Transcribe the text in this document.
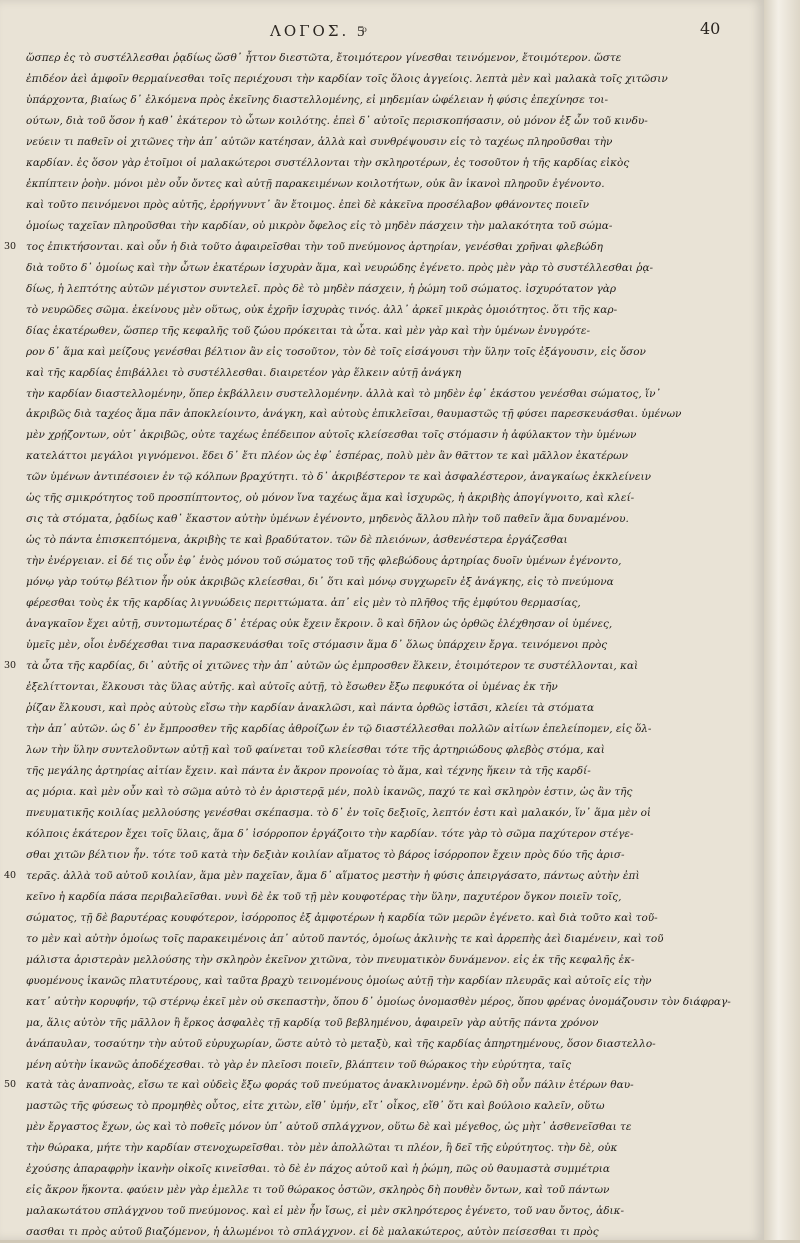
ΛΟΓΟΣ. 5ͦ	40
ὥσπερ ἐς τὸ συστέλλεσθαι ῥᾳδίως ὥσθ᾽ ἧττον διεστῶτα, ἔτοιμότερον γίνεσθαι τεινόμενον, ἔτοιμότερον. ὥστε
ἐπιδέον ἀεὶ ἀμφοῖν θερμαίνεσθαι τοῖς περιέχουσι τὴν καρδίαν τοῖς ὅλοις ἀγγείοις. λεπτὰ μὲν καὶ μαλακὰ τοῖς χιτῶσιν
ὑπάρχοντα, βιαίως δ᾽ ἐλκόμενα πρὸς ἐκεῖνης διαστελλομένης, εἰ μηδεμίαν ὠφέλειαν ἡ φύσις ἐπεχίνησε τοι-
ούτων, διὰ τοῦ ὅσον ἡ καθ᾽ ἑκάτερον τὸ ὧτων κοιλότης. ἐπεὶ δ᾽ αὐτοῖς περισκοπήσασιν, οὐ μόνον ἐξ ὧν τοῦ κινδυ-
νεύειν τι παθεῖν οἱ χιτῶνες τὴν ἀπ᾽ αὐτῶν κατέησαν, ἀλλὰ καὶ συνθρέψουσιν εἰς τὸ ταχέως πληροῦσθαι τὴν
καρδίαν. ἐς ὅσον γὰρ ἑτοῖμοι οἱ μαλακώτεροι συστέλλονται τὴν σκληροτέρων, ἐς τοσοῦτον ἡ τῆς καρδίας εἰκὸς
ἐκπίπτειν ῥοὴν. μόνοι μὲν οὖν ὄντες καὶ αὐτῇ παρακειμένων κοιλοτήτων, οὐκ ἂν ἱκανοὶ πληροῦν ἐγένοντο.
καὶ τοῦτο πεινόμενοι πρὸς αὐτῆς, ἑρρήγνυντ᾽ ἂν ἔτοιμος. ἐπεὶ δὲ κἀκεῖνα προσέλαβον φθάνοντες ποιεῖν
ὁμοίως ταχεῖαν πληροῦσθαι τὴν καρδίαν, οὐ μικρὸν ὄφελος εἰς τὸ μηδὲν πάσχειν τὴν μαλακότητα τοῦ σώμα-
30 τος ἐπικτήσονται. καὶ οὖν ἡ διὰ τοῦτο ἀφαιρεῖσθαι τὴν τοῦ πνεύμονος ἀρτηρίαν, γενέσθαι χρῆναι φλεβώδη
διὰ τοῦτο δ᾽ ὁμοίως καὶ τὴν ὧτων ἑκατέρων ἰσχυρὰν ἅμα, καὶ νευρώδης ἐγένετο. πρὸς μὲν γὰρ τὸ συστέλλεσθαι ῥᾳ-
δίως, ἡ λεπτότης αὐτῶν μέγιστον συντελεῖ. πρὸς δὲ τὸ μηδὲν πάσχειν, ἡ ῥώμη τοῦ σώματος. ἰσχυρότατον γὰρ
τὸ νευρῶδες σῶμα. ἐκείνους μὲν οὕτως, οὐκ ἐχρῆν ἰσχυρὰς τινός. ἀλλ᾽ ἀρκεῖ μικρὰς ὁμοιότητος. ὅτι τῆς καρ-
δίας ἑκατέρωθεν, ὥσπερ τῆς κεφαλῆς τοῦ ζώου πρόκειται τὰ ὦτα. καὶ μὲν γὰρ καὶ τὴν ὑμένων ἐνυγρότε-
ρον δ᾽ ἅμα καὶ μείζους γενέσθαι βέλτιον ἂν εἰς τοσοῦτον, τὸν δὲ τοῖς εἰσάγουσι τὴν ὕλην τοῖς ἐξάγουσιν, εἰς ὅσον
καὶ τῆς καρδίας ἐπιβάλλει τὸ συστέλλεσθαι. διαιρετέον γὰρ ἕλκειν αὐτῇ ἀνάγκη
τὴν καρδίαν διαστελλομένην, ὅπερ ἐκβάλλειν συστελλομένην. ἀλλὰ καὶ τὸ μηδὲν ἐφ᾽ ἑκάστου γενέσθαι σώματος, ἵν᾽
ἀκριβῶς διὰ ταχέος ἅμα πᾶν ἀποκλείοιντο, ἀνάγκη, καὶ αὐτοὺς ἐπικλεῖσαι, θαυμαστῶς τῇ φύσει παρεσκευάσθαι. ὑμένων
μὲν χρῄζοντων, οὐτ᾽ ἀκριβῶς, οὐτε ταχέως ἐπέδειπον αὐτοῖς κλείσεσθαι τοῖς στόμασιν ἡ ἀφύλακτον τὴν ὑμένων
κατελάττοι μεγάλοι γιγνόμενοι. ἔδει δ᾽ ἔτι πλέον ὡς ἐφ᾽ ἑσπέρας, πολὺ μὲν ἂν θᾶττον τε καὶ μᾶλλον ἑκατέρων
τῶν ὑμένων ἀντιπέσοιεν ἐν τῷ κόλπων βραχύτητι. τὸ δ᾽ ἀκριβέστερον τε καὶ ἀσφαλέστερον, ἀναγκαίως ἐκκλείνειν
ὡς τῆς σμικρότητος τοῦ προσπίπτοντος, οὐ μόνον ἵνα ταχέως ἅμα καὶ ἰσχυρῶς, ἡ ἀκριβὴς ἀπογίγνοιτο, καὶ κλεί-
σις τὰ στόματα, ῥᾳδίως καθ᾽ ἕκαστον αὐτὴν ὑμένων ἐγένοντο, μηδενὸς ἄλλου πλὴν τοῦ παθεῖν ἅμα δυναμένου.
ὡς τὸ πάντα ἐπισκεπτόμενα, ἀκριβὴς τε καὶ βραδύτατον. τῶν δὲ πλειόνων, ἀσθενέστερα ἐργάζεσθαι
τὴν ἐνέργειαν. εἰ δέ τις οὖν ἐφ᾽ ἑνὸς μόνου τοῦ σώματος τοῦ τῆς φλεβώδους ἀρτηρίας δυοῖν ὑμένων ἐγένοντο,
μόνῳ γὰρ τούτῳ βέλτιον ἦν οὐκ ἀκριβῶς κλείεσθαι, δι᾽ ὅτι καὶ μόνῳ συγχωρεῖν ἐξ ἀνάγκης, εἰς τὸ πνεύμονα
φέρεσθαι τοὺς ἐκ τῆς καρδίας λιγνυώδεις περιττώματα. ἀπ᾽ εἰς μὲν τὸ πλῆθος τῆς ἐμφύτου θερμασίας,
ἀναγκαῖον ἔχει αὐτῇ, συντομωτέρας δ᾽ ἐτέρας οὐκ ἔχειν ἔκροιν. ὃ καὶ δῆλον ὡς ὀρθῶς ἐλέχθησαν οἱ ὑμένες,
ὑμεῖς μὲν, οἷοι ἐνδέχεσθαι τινα παρασκευάσθαι τοῖς στόμασιν ἅμα δ᾽ ὅλως ὑπάρχειν ἔργα. τεινόμενοι πρὸς
30 τὰ ὦτα τῆς καρδίας, δι᾽ αὐτῆς οἱ χιτῶνες τὴν ἀπ᾽ αὐτῶν ὡς ἐμπροσθεν ἕλκειν, ἑτοιμότερον τε συστέλλονται, καὶ
ἐξελίττονται, ἕλκουσι τὰς ὕλας αὐτῆς. καὶ αὐτοῖς αὐτῇ, τὸ ἔσωθεν ἔξω πεφυκότα οἱ ὑμένας ἐκ τῆν
ῥίζαν ἕλκουσι, καὶ πρὸς αὐτοὺς εἴσω τὴν καρδίαν ἀνακλῶσι, καὶ πάντα ὀρθῶς ἱστᾶσι, κλείει τὰ στόματα
τὴν ἀπ᾽ αὐτῶν. ὡς δ᾽ ἐν ἔμπροσθεν τῆς καρδίας ἀθροίζων ἐν τῷ διαστέλλεσθαι πολλῶν αἰτίων ἐπελείπομεν, εἰς ὅλ-
λων τὴν ὕλην συντελοῦντων αὐτῇ καὶ τοῦ φαίνεται τοῦ κλείεσθαι τότε τῆς ἀρτηριώδους φλεβὸς στόμα, καὶ
τῆς μεγάλης ἀρτηρίας αἰτίαν ἔχειν. καὶ πάντα ἐν ἄκρον προνοίας τὸ ἅμα, καὶ τέχνης ἥκειν τὰ τῆς καρδί-
ας μόρια. καὶ μὲν οὖν καὶ τὸ σῶμα αὐτὸ τὸ ἐν ἀριστερᾷ μέν, πολὺ ἱκανῶς, παχύ τε καὶ σκληρὸν ἐστιν, ὡς ἂν τῆς
πνευματικῆς κοιλίας μελλούσης γενέσθαι σκέπασμα. τὸ δ᾽ ἐν τοῖς δεξιοῖς, λεπτόν ἐστι καὶ μαλακόν, ἵν᾽ ἅμα μὲν οἱ
κόλποις ἑκάτερον ἔχει τοῖς ὕλαις, ἅμα δ᾽ ἰσόρροπον ἐργάζοιτο τὴν καρδίαν. τότε γὰρ τὸ σῶμα παχύτερον στέγε-
σθαι χιτῶν βέλτιον ἦν. τότε τοῦ κατὰ τὴν δεξιὰν κοιλίαν αἵματος τὸ βάρος ἰσόρροπον ἔχειν πρὸς δύο τῆς ἀρισ-
40 τερᾶς. ἀλλὰ τοῦ αὐτοῦ κοιλίαν, ἅμα μὲν παχεῖαν, ἅμα δ᾽ αἵματος μεστὴν ἡ φύσις ἀπειργάσατο, πάντως αὐτὴν ἐπὶ
κεῖνο ἡ καρδία πάσα περιβαλεῖσθαι. νυνὶ δὲ ἐκ τοῦ τῇ μὲν κουφοτέρας τὴν ὕλην, παχυτέρον ὄγκον ποιεῖν τοῖς,
σώματος, τῇ δὲ βαρυτέρας κουφότερον, ἰσόρροπος ἐξ ἀμφοτέρων ἡ καρδία τῶν μερῶν ἐγένετο. καὶ διὰ τοῦτο καὶ τοῦ-
το μὲν καὶ αὐτὴν ὁμοίως τοῖς παρακειμένοις ἀπ᾽ αὐτοῦ παντός, ὁμοίως ἀκλινὴς τε καὶ ἀρρεπὴς ἀεὶ διαμένειν, καὶ τοῦ
μάλιστα ἀριστερὰν μελλούσης τὴν σκληρὸν ἐκεῖνον χιτῶνα, τὸν πνευματικὸν δυνάμενον. εἰς ἐκ τῆς κεφαλῆς ἐκ-
φυομένους ἱκανῶς πλατυτέρους, καὶ ταῦτα βραχὺ τεινομένους ὁμοίως αὐτῇ τὴν καρδίαν πλευρᾶς καὶ αὐτοῖς εἰς τὴν
κατ᾽ αὐτὴν κορυφήν, τῷ στέρνῳ ἐκεῖ μὲν οὐ σκεπαστὴν, ὅπου δ᾽ ὁμοίως ὀνομασθὲν μέρος, ὅπου φρένας ὀνομάζουσιν τὸν διάφραγ-
μα, ἅλις αὐτὸν τῆς μᾶλλον ἢ ἔρκος ἀσφαλὲς τῇ καρδίᾳ τοῦ βεβλημένου, ἀφαιρεῖν γὰρ αὐτῆς πάντα χρόνον
ἀνάπαυλαν, τοσαύτην τὴν αὐτοῦ εὐρυχωρίαν, ὥστε αὐτὸ τὸ μεταξὺ, καὶ τῆς καρδίας ἀπηρτημένους, ὅσον διαστελλο-
μένη αὐτὴν ἱκανῶς ἀποδέχεσθαι. τὸ γὰρ ἐν πλεῖοσι ποιεῖν, βλάπτειν τοῦ θώρακος τὴν εὐρύτητα, ταῖς
50 κατὰ τὰς ἀναπνοὰς, εἴσω τε καὶ οὐδεὶς ἔξω φοράς τοῦ πνεύματος ἀνακλινομένην. ἐρῶ δὴ οὖν πάλιν ἑτέρων θαυ-
μαστῶς τῆς φύσεως τὸ προμηθὲς οὗτος, εἰτε χιτὼν, εἴθ᾽ ὑμήν, εἴτ᾽ οἶκος, εἴθ᾽ ὅτι καὶ βούλοιο καλεῖν, οὕτω
μὲν ἔργαστος ἔχων, ὡς καὶ τὸ ποθεῖς μόνον ὑπ᾽ αὐτοῦ σπλάγχνον, οὕτω δὲ καὶ μέγεθος, ὡς μὴτ᾽ ἀσθενεῖσθαι τε
τὴν θώρακα, μήτε τὴν καρδίαν στενοχωρεῖσθαι. τὸν μὲν ἀπολλῶται τι πλέον, ἢ δεῖ τῆς εὐρύτητος. τὴν δὲ, οὐκ
ἐχούσης ἀπαραφρὴν ἱκανὴν οἰκοῖς κινεῖσθαι. τὸ δὲ ἐν πάχος αὐτοῦ καὶ ἡ ῥώμη, πῶς οὐ θαυμαστὰ συμμέτρια
εἰς ἄκρον ἥκοντα. φαύειν μὲν γὰρ ἐμελλε τι τοῦ θώρακος ὀστῶν, σκληρὸς δὴ πουθὲν ὄντων, καὶ τοῦ πάντων
μαλακωτάτου σπλάγχνου τοῦ πνεύμονος. καὶ εἰ μὲν ἦν ἴσως, εἰ μὲν σκληρότερος ἐγένετο, τοῦ ναυ ὄντος, ἀδικ-
σασθαι τι πρὸς αὐτοῦ βιαζόμενον, ἡ ἀλωμένοι τὸ σπλάγχνον. εἰ δὲ μαλακώτερος, αὐτὸν πείσεσθαι τι πρὸς
